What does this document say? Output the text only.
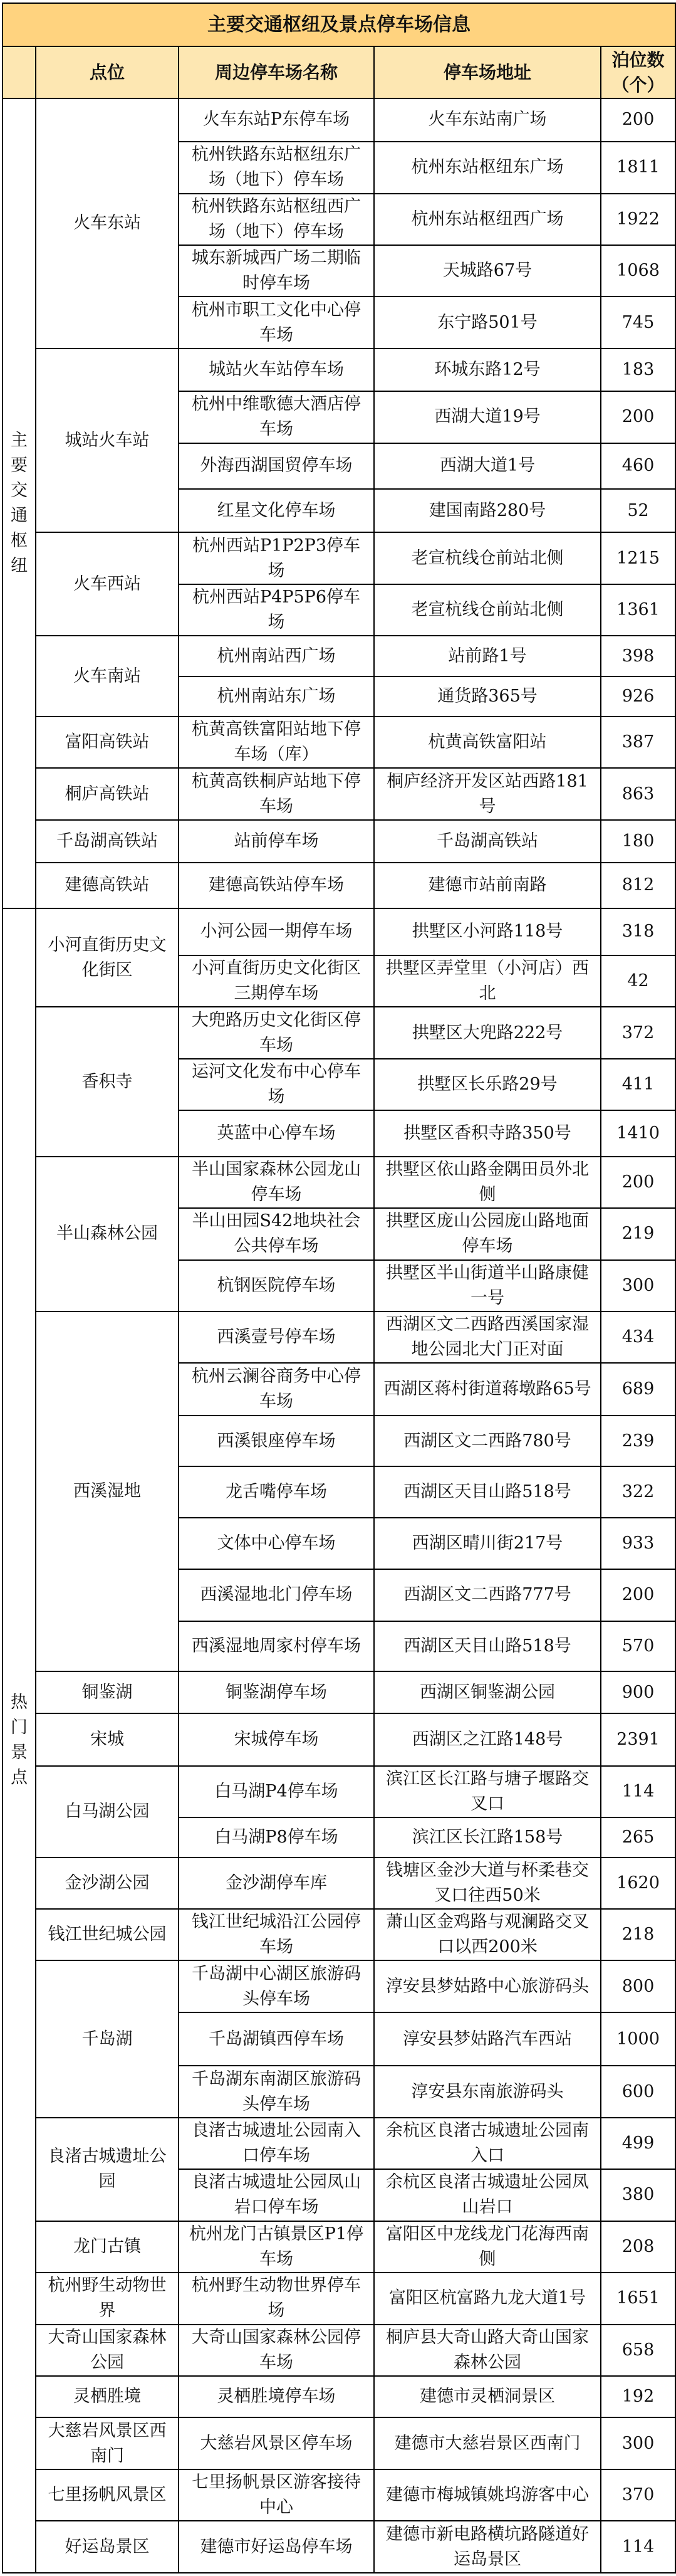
主要交通枢纽及景点停车场信息				
	点位	周边停车场名称	停车场地址	泊位数（个）
主要交通枢纽	火车东站	火车东站P东停车场	火车东站南广场	200
		杭州铁路东站枢纽东广场（地下）停车场	杭州东站枢纽东广场	1811
		杭州铁路东站枢纽西广场（地下）停车场	杭州东站枢纽西广场	1922
		城东新城西广场二期临时停车场	天城路67号	1068
		杭州市职工文化中心停车场	东宁路501号	745
	城站火车站	城站火车站停车场	环城东路12号	183
		杭州中维歌德大酒店停车场	西湖大道19号	200
		外海西湖国贸停车场	西湖大道1号	460
		红星文化停车场	建国南路280号	52
	火车西站	杭州西站P1P2P3停车场	老宣杭线仓前站北侧	1215
		杭州西站P4P5P6停车场	老宣杭线仓前站北侧	1361
	火车南站	杭州南站西广场	站前路1号	398
		杭州南站东广场	通货路365号	926
	富阳高铁站	杭黄高铁富阳站地下停车场（库）	杭黄高铁富阳站	387
	桐庐高铁站	杭黄高铁桐庐站地下停车场	桐庐经济开发区站西路181号	863
	千岛湖高铁站	站前停车场	千岛湖高铁站	180
	建德高铁站	建德高铁站停车场	建德市站前南路	812
热门景点	小河直街历史文化街区	小河公园一期停车场	拱墅区小河路118号	318
		小河直街历史文化街区三期停车场	拱墅区弄堂里（小河店）西北	42
	香积寺	大兜路历史文化街区停车场	拱墅区大兜路222号	372
		运河文化发布中心停车场	拱墅区长乐路29号	411
		英蓝中心停车场	拱墅区香积寺路350号	1410
	半山森林公园	半山国家森林公园龙山停车场	拱墅区依山路金隅田员外北侧	200
		半山田园S42地块社会公共停车场	拱墅区庞山公园庞山路地面停车场	219
		杭钢医院停车场	拱墅区半山街道半山路康健一号	300
	西溪湿地	西溪壹号停车场	西湖区文二西路西溪国家湿地公园北大门正对面	434
		杭州云澜谷商务中心停车场	西湖区蒋村街道蒋墩路65号	689
		西溪银座停车场	西湖区文二西路780号	239
		龙舌嘴停车场	西湖区天目山路518号	322
		文体中心停车场	西湖区晴川街217号	933
		西溪湿地北门停车场	西湖区文二西路777号	200
		西溪湿地周家村停车场	西湖区天目山路518号	570
	铜鉴湖	铜鉴湖停车场	西湖区铜鉴湖公园	900
	宋城	宋城停车场	西湖区之江路148号	2391
	白马湖公园	白马湖P4停车场	滨江区长江路与塘子堰路交叉口	114
		白马湖P8停车场	滨江区长江路158号	265
	金沙湖公园	金沙湖停车库	钱塘区金沙大道与杯柔巷交叉口往西50米	1620
	钱江世纪城公园	钱江世纪城沿江公园停车场	萧山区金鸡路与观澜路交叉口以西200米	218
	千岛湖	千岛湖中心湖区旅游码头停车场	淳安县梦姑路中心旅游码头	800
		千岛湖镇西停车场	淳安县梦姑路汽车西站	1000
		千岛湖东南湖区旅游码头停车场	淳安县东南旅游码头	600
	良渚古城遗址公园	良渚古城遗址公园南入口停车场	余杭区良渚古城遗址公园南入口	499
		良渚古城遗址公园凤山岩口停车场	余杭区良渚古城遗址公园凤山岩口	380
	龙门古镇	杭州龙门古镇景区P1停车场	富阳区中龙线龙门花海西南侧	208
	杭州野生动物世界	杭州野生动物世界停车场	富阳区杭富路九龙大道1号	1651
	大奇山国家森林公园	大奇山国家森林公园停车场	桐庐县大奇山路大奇山国家森林公园	658
	灵栖胜境	灵栖胜境停车场	建德市灵栖洞景区	192
	大慈岩风景区西南门	大慈岩风景区停车场	建德市大慈岩景区西南门	300
	七里扬帆风景区	七里扬帆景区游客接待中心	建德市梅城镇姚坞游客中心	370
	好运岛景区	建德市好运岛停车场	建德市新电路横坑路隧道好运岛景区	114
